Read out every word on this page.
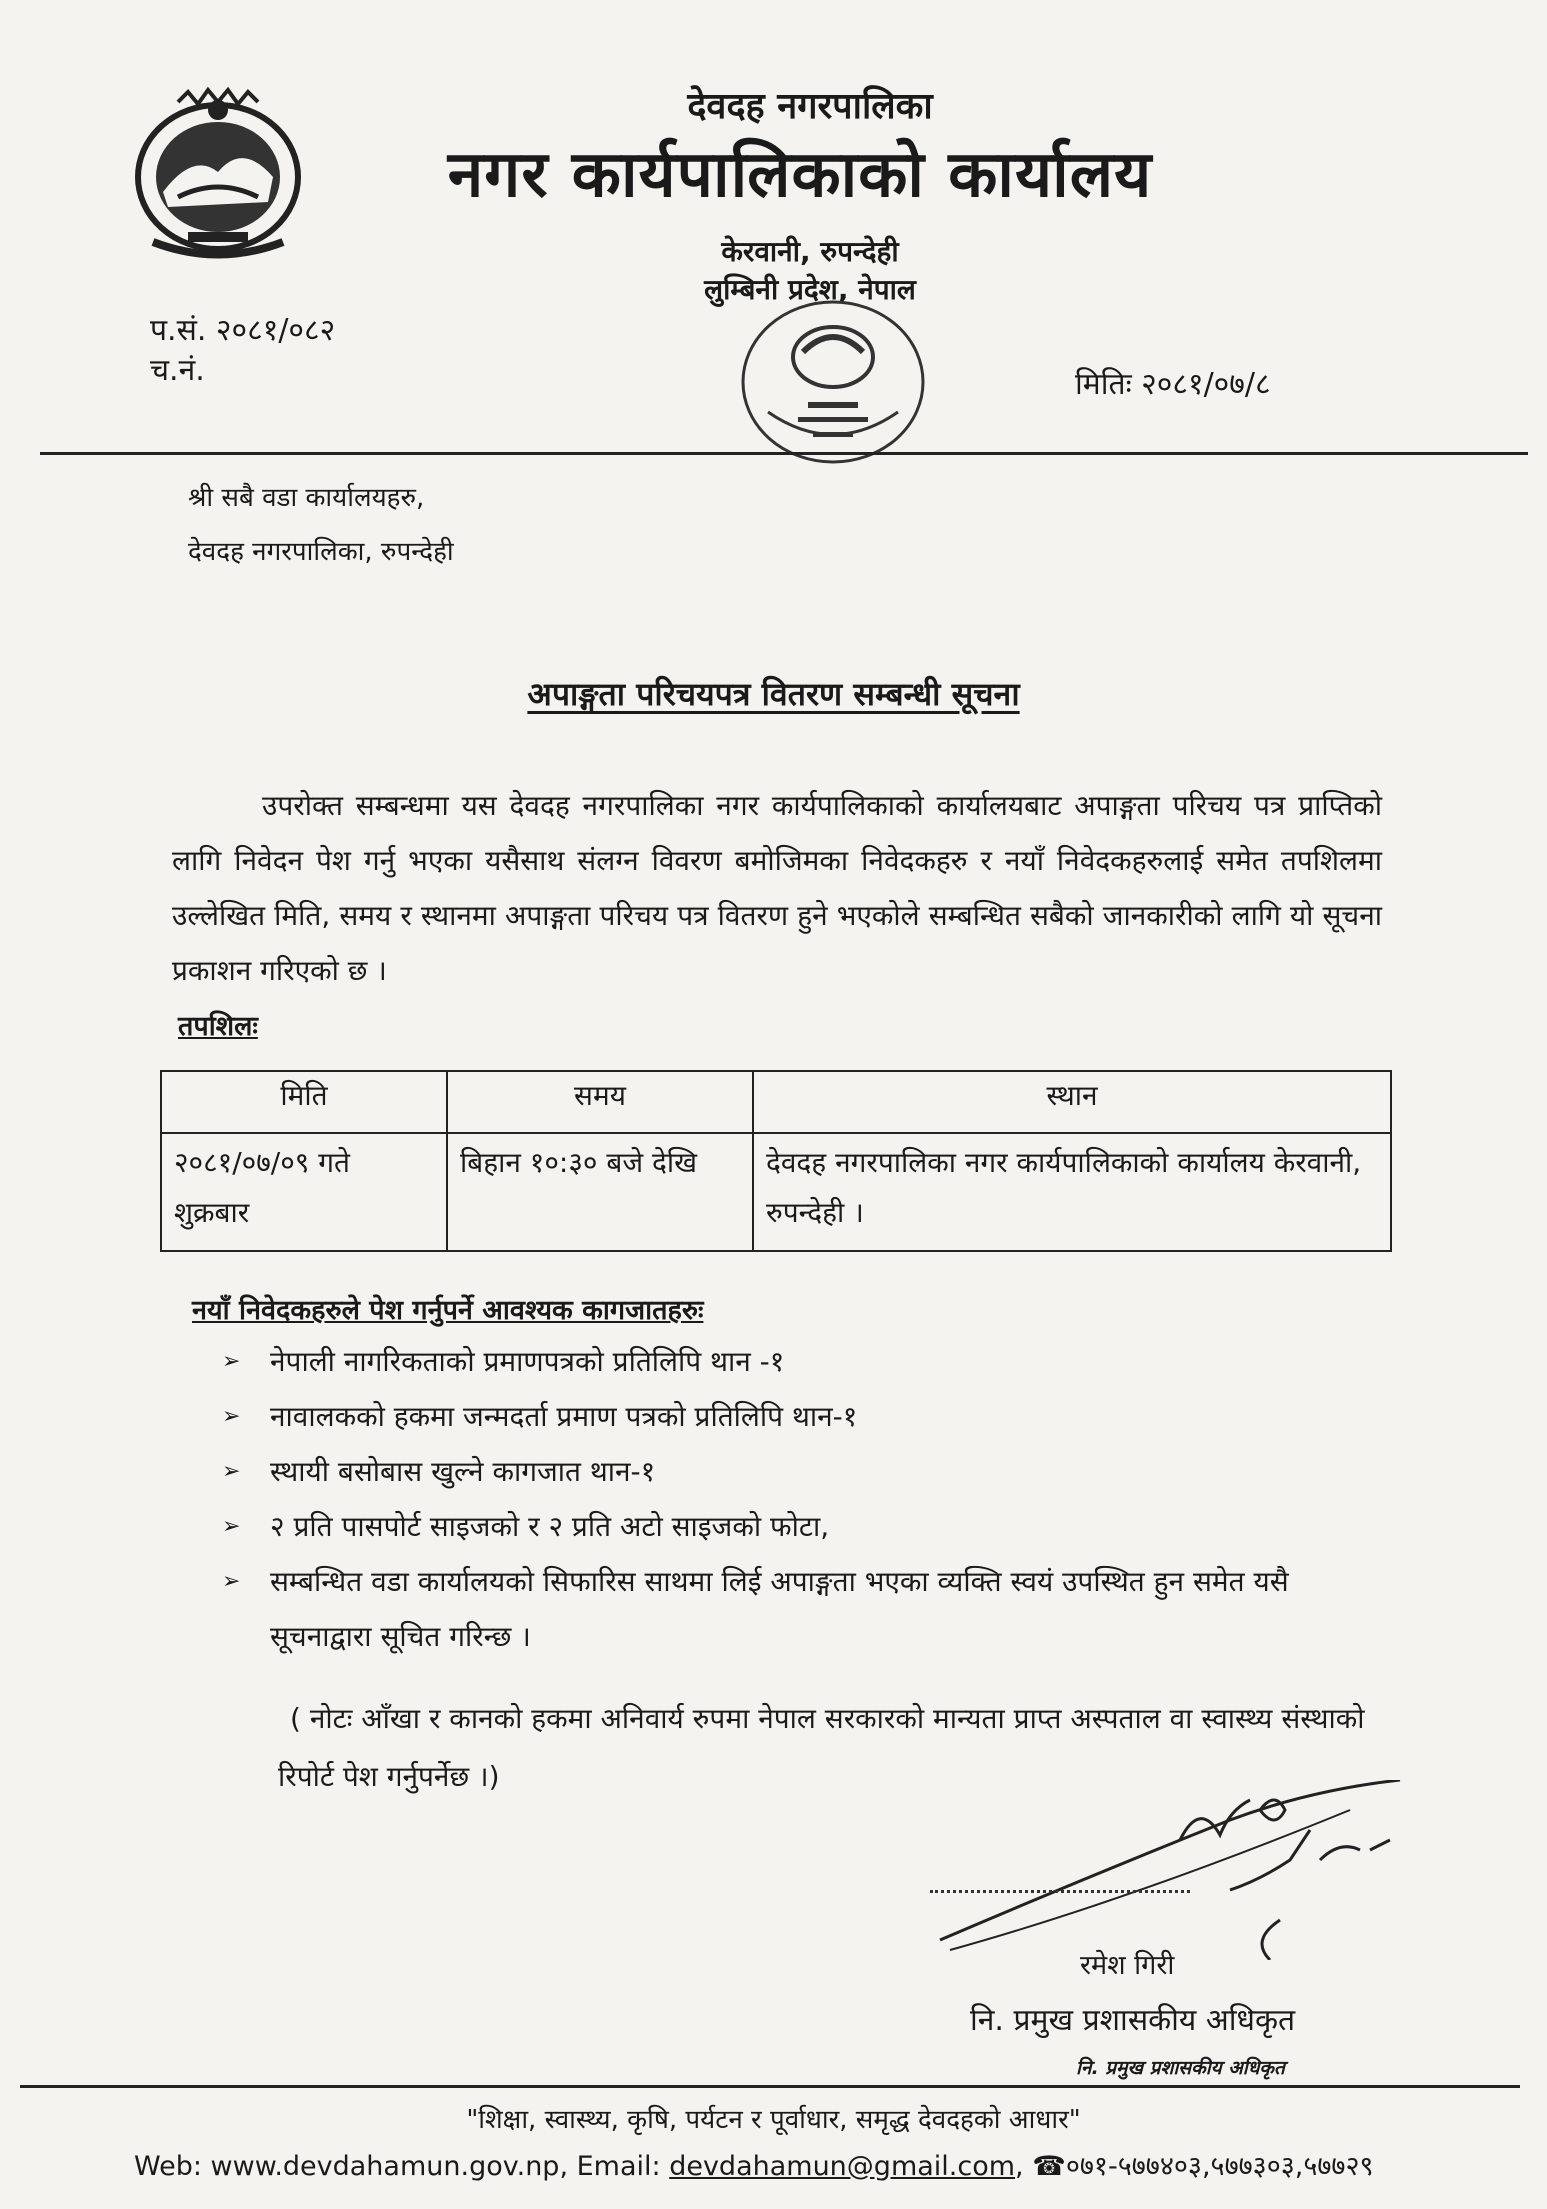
देवदह नगरपालिका
नगर कार्यपालिकाको कार्यालय
केरवानी, रुपन्देही
लुम्बिनी प्रदेश, नेपाल
प.सं. २०८१/०८२
च.नं.	मितिः २०८१/०७/८
श्री सबै वडा कार्यालयहरु,
देवदह नगरपालिका, रुपन्देही
अपाङ्गता परिचयपत्र वितरण सम्बन्धी सूचना

उपरोक्त सम्बन्धमा यस देवदह नगरपालिका नगर कार्यपालिकाको कार्यालयबाट अपाङ्गता परिचय पत्र प्राप्तिको लागि निवेदन पेश गर्नु भएका यसैसाथ संलग्न विवरण बमोजिमका निवेदकहरु र नयाँ निवेदकहरुलाई समेत तपशिलमा उल्लेखित मिति, समय र स्थानमा अपाङ्गता परिचय पत्र वितरण हुने भएकोले सम्बन्धित सबैको जानकारीको लागि यो सूचना प्रकाशन गरिएको छ ।

तपशिलः
मिति	समय	स्थान
२०८१/०७/०९ गते शुक्रबार	बिहान १०:३० बजे देखि	देवदह नगरपालिका नगर कार्यपालिकाको कार्यालय केरवानी, रुपन्देही ।
नयाँ निवेदकहरुले पेश गर्नुपर्ने आवश्यक कागजातहरुः
➢ नेपाली नागरिकताको प्रमाणपत्रको प्रतिलिपि थान -१
➢ नावालकको हकमा जन्मदर्ता प्रमाण पत्रको प्रतिलिपि थान-१
➢ स्थायी बसोबास खुल्ने कागजात थान-१
➢ २ प्रति पासपोर्ट साइजको र २ प्रति अटो साइजको फोटा,
➢ सम्बन्धित वडा कार्यालयको सिफारिस साथमा लिई अपाङ्गता भएका व्यक्ति स्वयं उपस्थित हुन समेत यसै सूचनाद्वारा सूचित गरिन्छ ।

( नोटः आँखा र कानको हकमा अनिवार्य रुपमा नेपाल सरकारको मान्यता प्राप्त अस्पताल वा स्वास्थ्य संस्थाको रिपोर्ट पेश गर्नुपर्नेछ ।)

रमेश गिरी
नि. प्रमुख प्रशासकीय अधिकृत
नि. प्रमुख प्रशासकीय अधिकृत
"शिक्षा, स्वास्थ्य, कृषि, पर्यटन र पूर्वाधार, समृद्ध देवदहको आधार"
Web: www.devdahamun.gov.np, Email: devdahamun@gmail.com, ☎०७१-५७७४०३,५७७३०३,५७७२९
